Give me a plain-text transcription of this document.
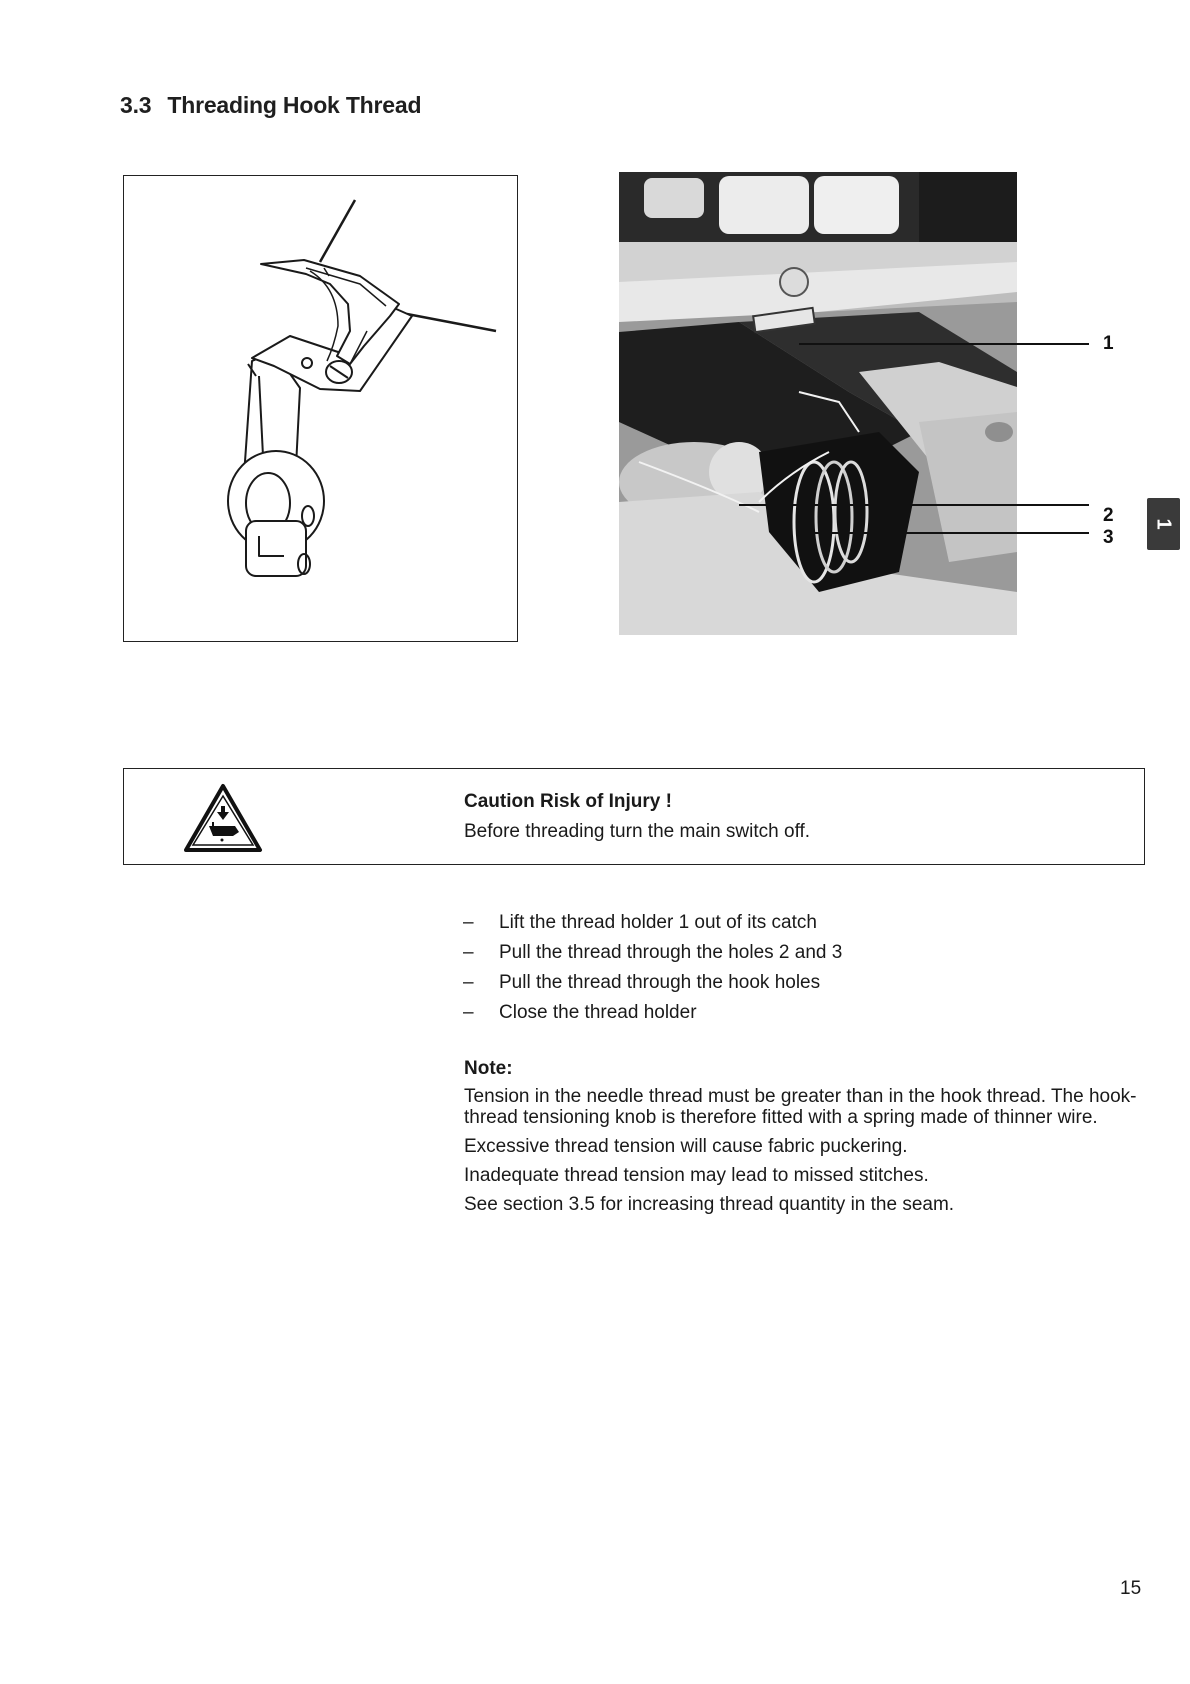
3.3 Threading Hook Thread
1
2
3
1
Caution Risk of Injury !
Before threading turn the main switch off.
– Lift the thread holder 1 out of its catch
– Pull the thread through the holes 2 and 3
– Pull the thread through the hook holes
– Close the thread holder
Note:

Tension in the needle thread must be greater than in the hook thread. The hook-thread tensioning knob is therefore fitted with a spring made of thinner wire.

Excessive thread tension will cause fabric puckering.

Inadequate thread tension may lead to missed stitches.

See section 3.5 for increasing thread quantity in the seam.

15
